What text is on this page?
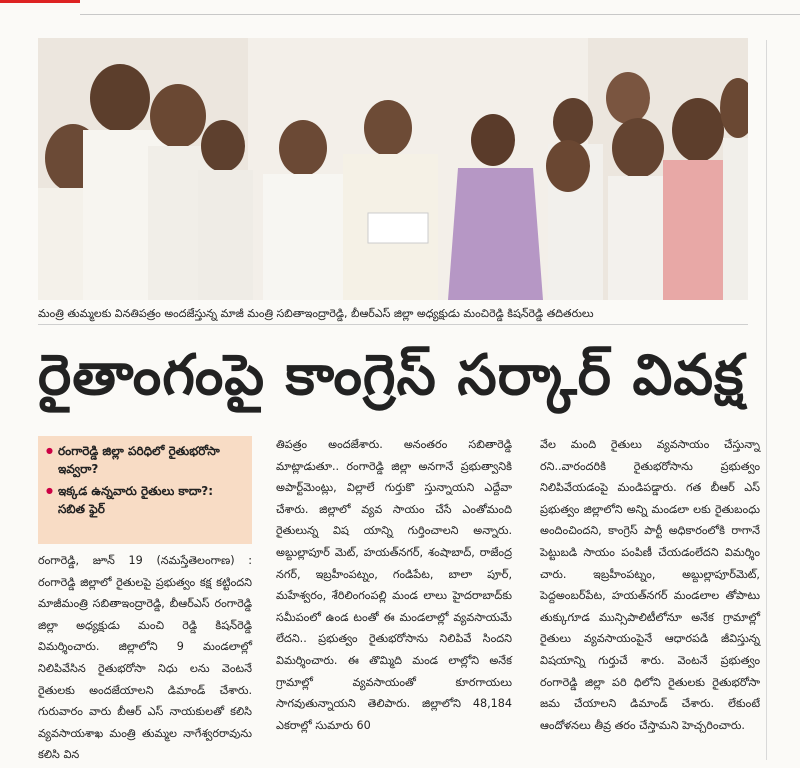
మంత్రి తుమ్మలకు వినతిపత్రం అందజేస్తున్న మాజీ మంత్రి సబితాఇంద్రారెడ్డి, బీఆర్ఎస్ జిల్లా అధ్యక్షుడు మంచిరెడ్డి కిషన్‌రెడ్డి తదితరులు
రైతాంగంపై కాంగ్రెస్ సర్కార్ వివక్ష
● రంగారెడ్డి జిల్లా పరిధిలో రైతుభరోసా ఇవ్వరా?
● ఇక్కడ ఉన్నవారు రైతులు కాదా?: సబిత ఫైర్

రంగారెడ్డి, జూన్ 19 (నమస్తేతెలంగాణ) : రంగారెడ్డి జిల్లాలో రైతులపై ప్రభుత్వం కక్ష కట్టిందని మాజీమంత్రి సబితాఇంద్రారెడ్డి, బీఆర్ఎస్ రంగారెడ్డి జిల్లా అధ్యక్షుడు మంచి రెడ్డి కిషన్‌రెడ్డి విమర్శించారు. జిల్లాలోని 9 మండలాల్లో నిలిపివేసిన రైతుభరోసా నిధు లను వెంటనే రైతులకు అందజేయాలని డిమాండ్ చేశారు. గురువారం వారు బీఆర్ ఎస్ నాయకులతో కలిసి వ్యవసాయశాఖ మంత్రి తుమ్మల నాగేశ్వరరావును కలిసి విన

తిపత్రం అందజేశారు. అనంతరం సబితారెడ్డి మాట్లాడుతూ.. రంగారెడ్డి జిల్లా అనగానే ప్రభుత్వానికి అపార్ట్‌మెంట్లు, విల్లాలే గుర్తుకొ స్తున్నాయని ఎద్దేవా చేశారు. జిల్లాలో వ్యవ సాయం చేసే ఎంతోమంది రైతులున్న విష యాన్ని గుర్తించాలని అన్నారు. అబ్దుల్లాపూర్ మెట్, హయత్‌నగర్, శంషాబాద్, రాజేంద్ర నగర్, ఇబ్రహీంపట్నం, గండిపేట, బాలా పూర్, మహేశ్వరం, శేరిలింగంపల్లి మండ లాలు హైదరాబాద్‌కు సమీపంలో ఉండ టంతో ఈ మండలాల్లో వ్యవసాయమే లేదని.. ప్రభుత్వం రైతుభరోసాను నిలిపివే సిందని విమర్శించారు. ఈ తొమ్మిది మండ లాల్లోని అనేక గ్రామాల్లో వ్యవసాయంతో కూరగాయలు సాగవుతున్నాయని తెలిపారు. జిల్లాలోని 48,184 ఎకరాల్లో సుమారు 60

వేల మంది రైతులు వ్యవసాయం చేస్తున్నా రని..వారందరికి రైతుభరోసాను ప్రభుత్వం నిలిపివేయడంపై మండిపడ్డారు. గత బీఆర్ ఎస్ ప్రభుత్వం జిల్లాలోని అన్ని మండలా లకు రైతుబంధు అందించిందని, కాంగ్రెస్ పార్టీ అధికారంలోకి రాగానే పెట్టుబడి సాయం పంపిణీ చేయడంలేదని విమర్శిం చారు. ఇబ్రహీంపట్నం, అబ్దుల్లాపూర్‌మెట్, పెద్దఅంబర్‌పేట, హయత్‌నగర్ మండలాల తోపాటు తుక్కుగూడ మున్సిపాలిటీలోనూ అనేక గ్రామాల్లో రైతులు వ్యవసాయంపైనే ఆధారపడి జీవిస్తున్న విషయాన్ని గుర్తుచే శారు. వెంటనే ప్రభుత్వం రంగారెడ్డి జిల్లా పరి ధిలోని రైతులకు రైతుభరోసా జమ చేయాలని డిమాండ్ చేశారు. లేకుంటే ఆందోళనలు తీవ్ర తరం చేస్తామని హెచ్చరించారు.
